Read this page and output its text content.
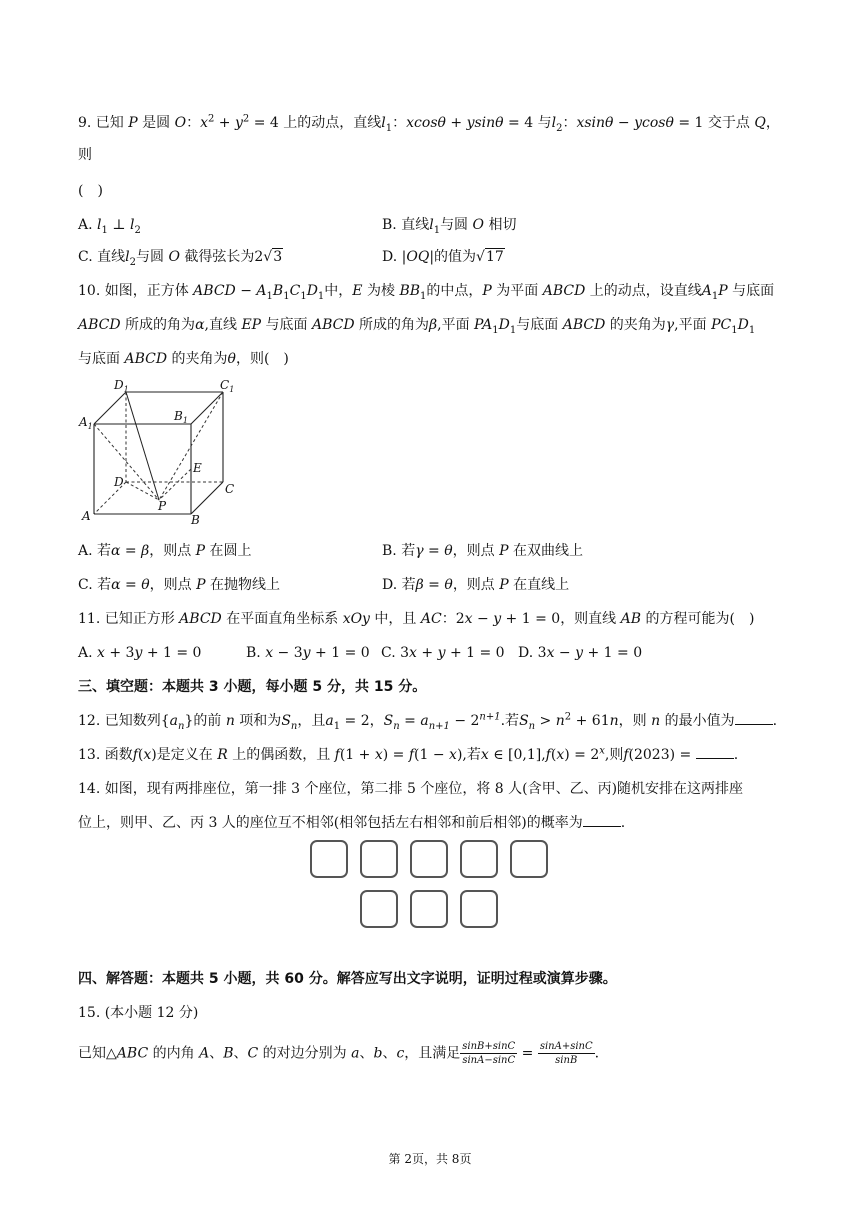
9. 已知 P 是圆 O：$x^2 + y^2 = 4$ 上的动点，直线$l_1$：xcosθ + ysinθ = 4 与$l_2$：xsinθ − ycosθ = 1 交于点 Q，
则
(　)
A. $l_1$ ⊥ $l_2$	B. 直线$l_1$与圆 O 相切
C. 直线$l_2$与圆 O 截得弦长为2√3	D. |OQ|的值为√17
10. 如图，正方体 ABCD − $A_1B_1C_1D_1$中，E 为棱 $BB_1$的中点，P 为平面 ABCD 上的动点，设直线$A_1P$ 与底面
ABCD 所成的角为α,直线 EP 与底面 ABCD 所成的角为β,平面 $PA_1D_1$与底面 ABCD 的夹角为γ,平面 $PC_1D_1$
与底面 ABCD 的夹角为θ，则(　)
$D_1$	$C_1$
$A_1$
$B_1$
E
D	C
P
A	B
A. 若α = β，则点 P 在圆上	B. 若γ = θ，则点 P 在双曲线上
C. 若α = θ，则点 P 在抛物线上	D. 若β = θ，则点 P 在直线上
11. 已知正方形 ABCD 在平面直角坐标系 xOy 中，且 AC：2x − y + 1 = 0，则直线 AB 的方程可能为(　)
A. x + 3y + 1 = 0	B. x − 3y + 1 = 0 C. 3x + y + 1 = 0 D. 3x − y + 1 = 0
三、填空题：本题共 3 小题，每小题 5 分，共 15 分。
12. 已知数列$\{a_n\}$的前 n 项和为$S_n$，且$a_1 = 2$，$S_n = a_{n+1} - 2^{n+1}$.若$S_n > n^2 + 61n$，则 n 的最小值为	.
13. 函数f(x)是定义在 R 上的偶函数，且 f(1 + x) = f(1 − x),若x ∈ $[0,1],f(x) = 2^x$,则f(2023) =	.
14. 如图，现有两排座位，第一排 3 个座位，第二排 5 个座位，将 8 人(含甲、乙、丙)随机安排在这两排座
位上，则甲、乙、丙 3 人的座位互不相邻(相邻包括左右相邻和前后相邻)的概率为	.
四、解答题：本题共 5 小题，共 60 分。解答应写出文字说明，证明过程或演算步骤。
15. (本小题 12 分)
已知△ABC 的内角 A、B、C 的对边分别为 a、b、c，且满足 $\frac{\sin B+\sin C}{\sin A-\sin C} = \frac{\sin A+\sin C}{\sin B}$ .
第 2页，共 8页
